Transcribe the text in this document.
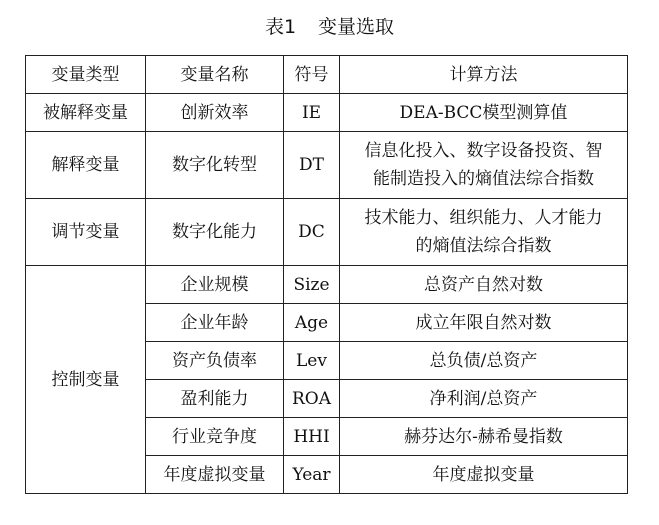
表1 变量选取
变量类型	变量名称	符号	计算方法
被解释变量	创新效率	IE	DEA-BCC模型测算值
解释变量	数字化转型	DT	信息化投入、数字设备投资、智
能制造投入的熵值法综合指数
调节变量	数字化能力	DC	技术能力、组织能力、人才能力
的熵值法综合指数
控制变量	企业规模	Size	总资产自然对数
	企业年龄	Age	成立年限自然对数
	资产负债率	Lev	总负债/总资产
	盈利能力	ROA	净利润/总资产
	行业竞争度	HHI	赫芬达尔-赫希曼指数
	年度虚拟变量	Year	年度虚拟变量
